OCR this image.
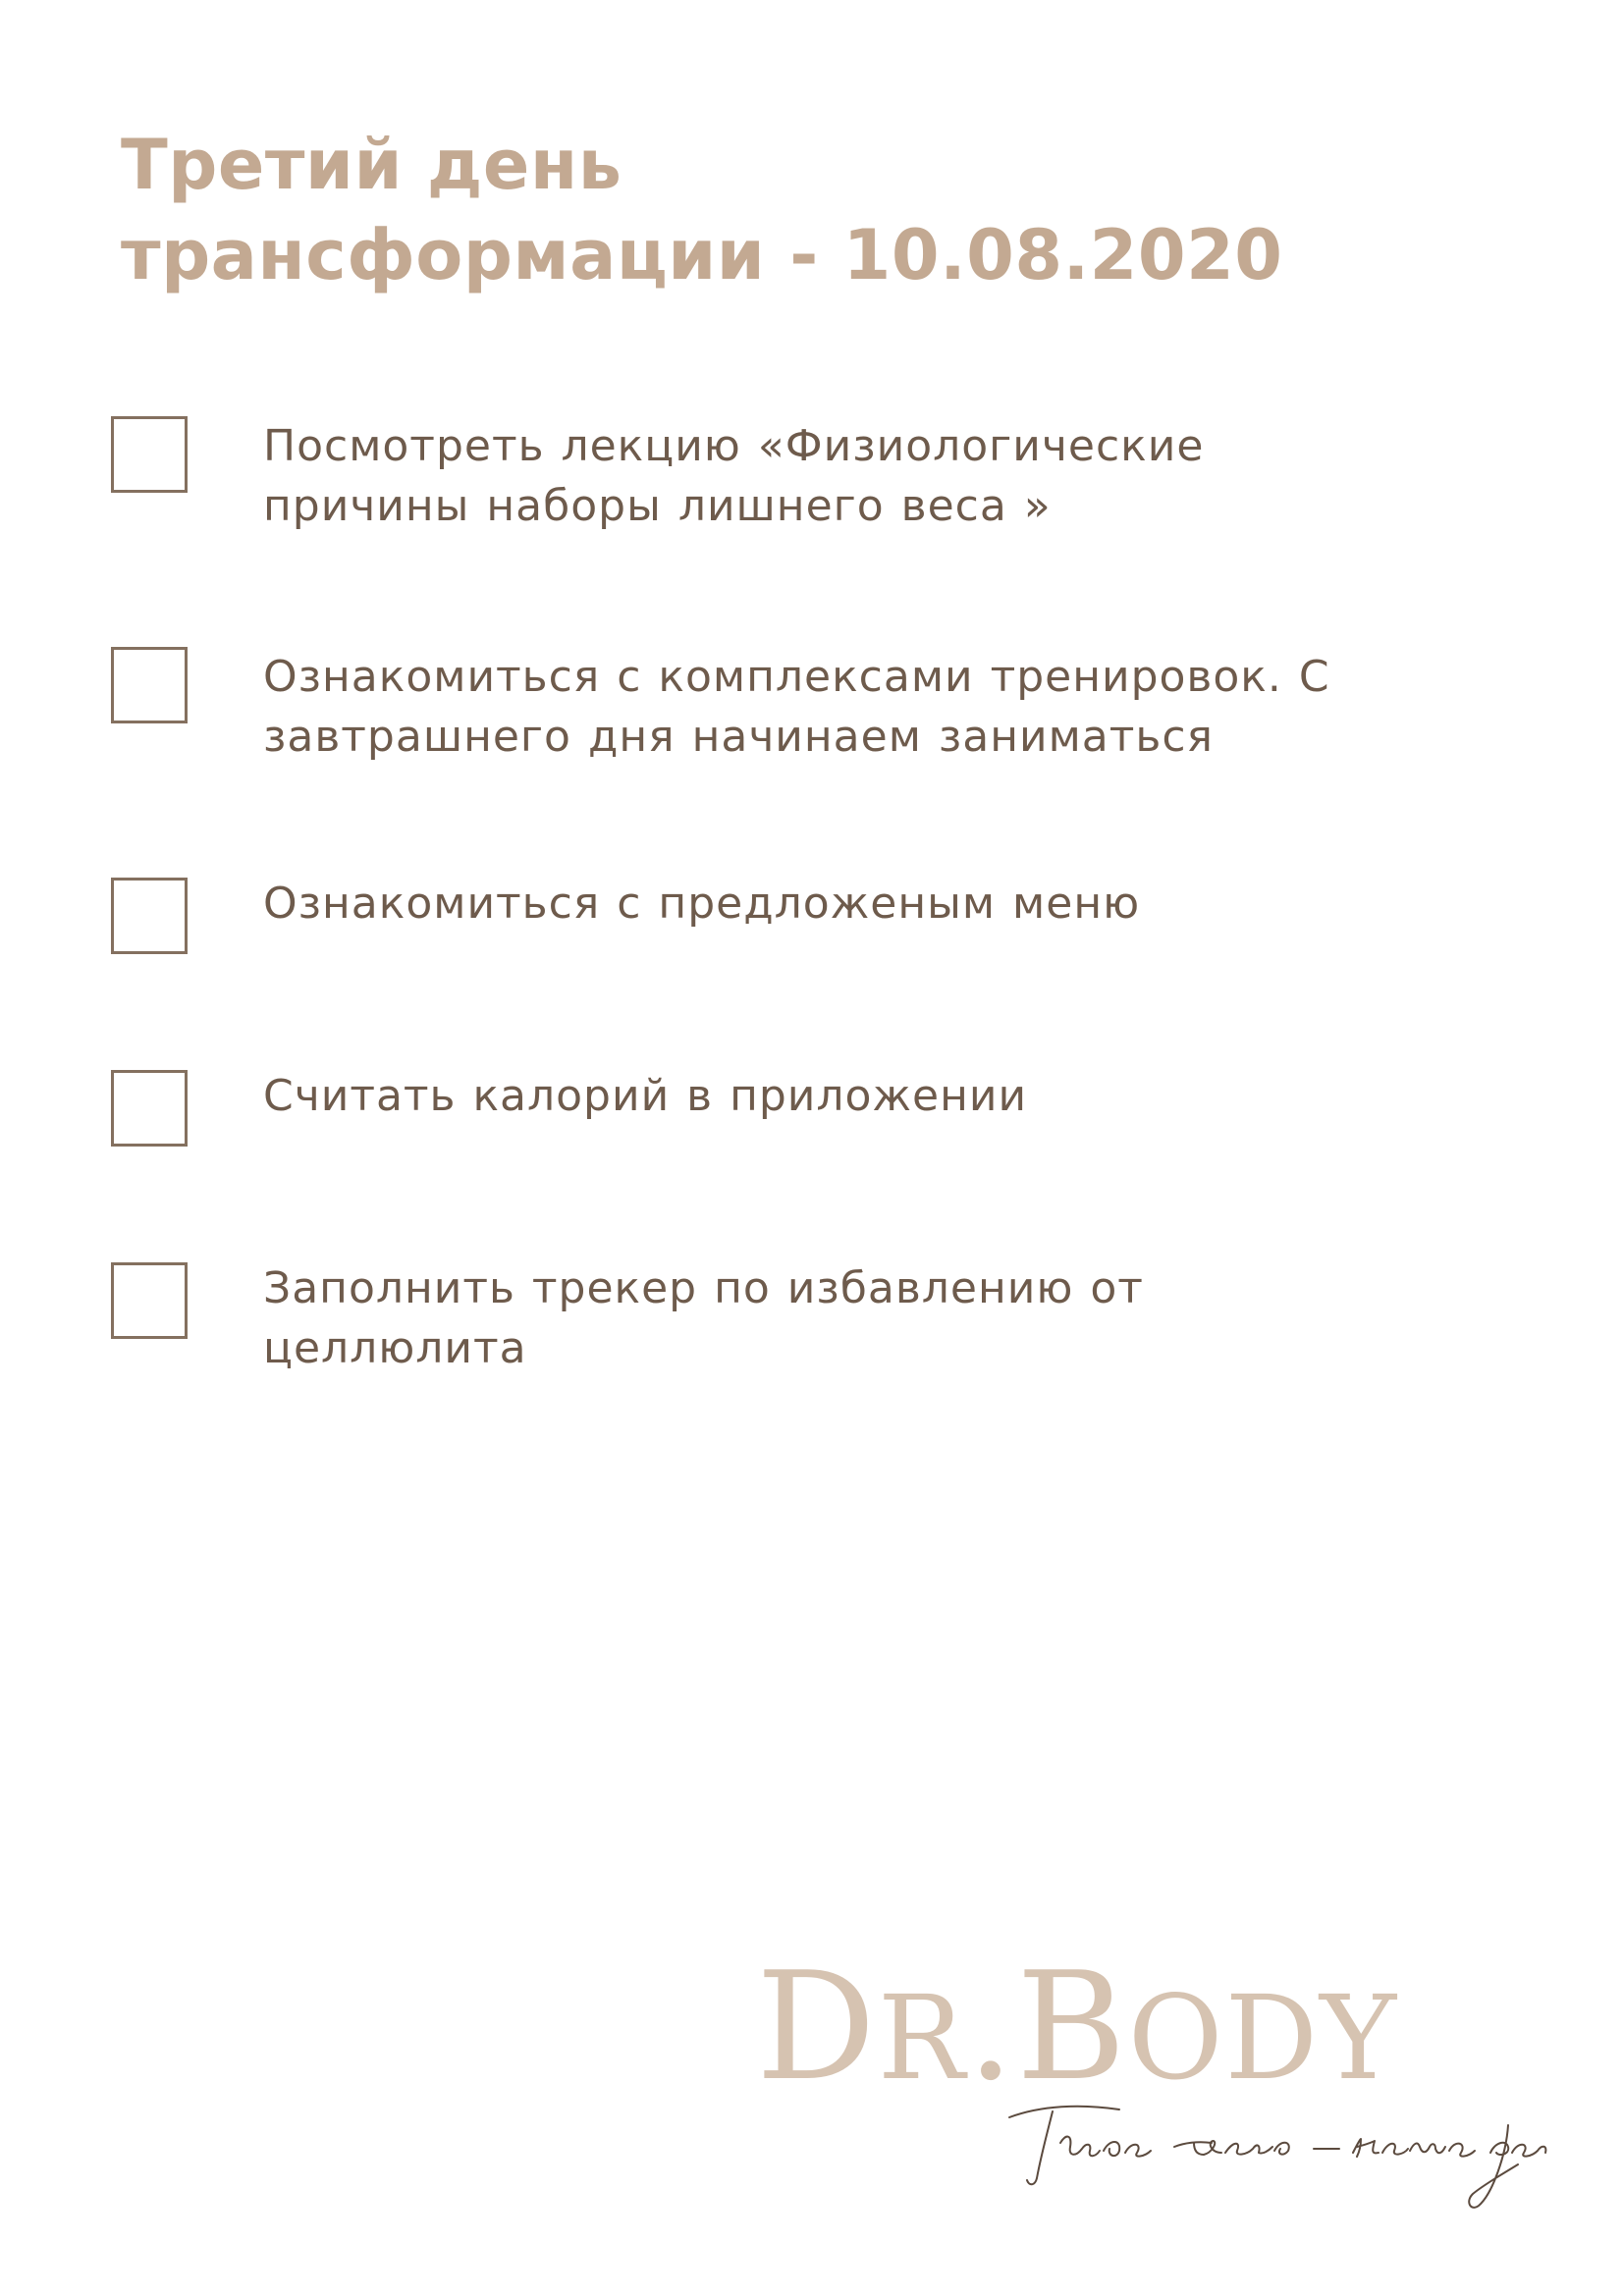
Третий день
трансформации - 10.08.2020
Посмотреть лекцию «Физиологические
причины наборы лишнего веса »
Ознакомиться с комплексами тренировок. С
завтрашнего дня начинаем заниматься
Ознакомиться с предложеным меню
Считать калорий в приложении
Заполнить трекер по избавлению от
целлюлита
DR.BODY
